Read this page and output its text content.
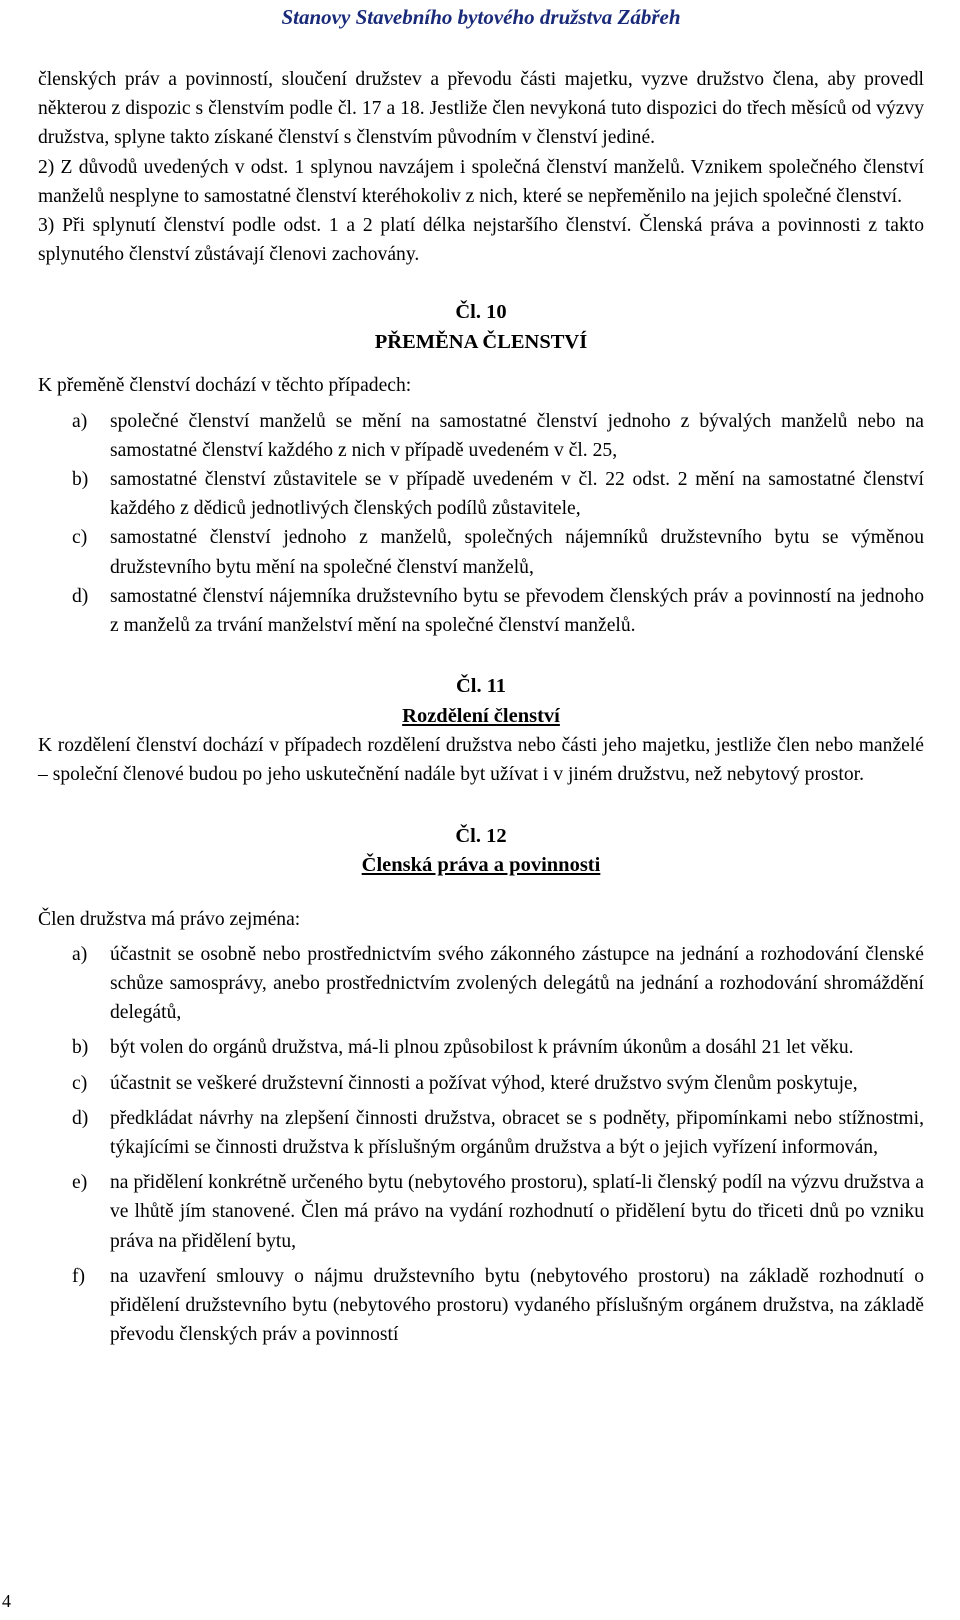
Stanovy Stavebního bytového družstva Zábřeh

členských práv a povinností, sloučení družstev a převodu části majetku, vyzve družstvo člena, aby provedl některou z dispozic s členstvím podle čl. 17 a 18. Jestliže člen nevykoná tuto dispozici do třech měsíců od výzvy družstva, splyne takto získané členství s členstvím původním v členství jediné.

2) Z důvodů uvedených v odst. 1 splynou navzájem i společná členství manželů. Vznikem společného členství manželů nesplyne to samostatné členství kteréhokoliv z nich, které se nepřeměnilo na jejich společné členství.

3) Při splynutí členství podle odst. 1 a 2 platí délka nejstaršího členství. Členská práva a povinnosti z takto splynutého členství zůstávají členovi zachovány.

Čl. 10
PŘEMĚNA ČLENSTVÍ

K přeměně členství dochází v těchto případech:

a) společné členství manželů se mění na samostatné členství jednoho z bývalých manželů nebo na samostatné členství každého z nich v případě uvedeném v čl. 25,
b) samostatné členství zůstavitele se v případě uvedeném v čl. 22 odst. 2 mění na samostatné členství každého z dědiců jednotlivých členských podílů zůstavitele,
c) samostatné členství jednoho z manželů, společných nájemníků družstevního bytu se výměnou družstevního bytu mění na společné členství manželů,
d) samostatné členství nájemníka družstevního bytu se převodem členských práv a povinností na jednoho z manželů za trvání manželství mění na společné členství manželů.
Čl. 11
Rozdělení členství

K rozdělení členství dochází v případech rozdělení družstva nebo části jeho majetku, jestliže člen nebo manželé – společní členové budou po jeho uskutečnění nadále byt užívat i v jiném družstvu, než nebytový prostor.

Čl. 12
Členská práva a povinnosti

Člen družstva má právo zejména:

a) účastnit se osobně nebo prostřednictvím svého zákonného zástupce na jednání a rozhodování členské schůze samosprávy, anebo prostřednictvím zvolených delegátů na jednání a rozhodování shromáždění delegátů,
b) být volen do orgánů družstva, má-li plnou způsobilost k právním úkonům a dosáhl 21 let věku.
c) účastnit se veškeré družstevní činnosti a požívat výhod, které družstvo svým členům poskytuje,
d) předkládat návrhy na zlepšení činnosti družstva, obracet se s podněty, připomínkami nebo stížnostmi, týkajícími se činnosti družstva k příslušným orgánům družstva a být o jejich vyřízení informován,
e) na přidělení konkrétně určeného bytu (nebytového prostoru), splatí-li členský podíl na výzvu družstva a ve lhůtě jím stanovené. Člen má právo na vydání rozhodnutí o přidělení bytu do třiceti dnů po vzniku práva na přidělení bytu,
f) na uzavření smlouvy o nájmu družstevního bytu (nebytového prostoru) na základě rozhodnutí o přidělení družstevního bytu (nebytového prostoru) vydaného příslušným orgánem družstva, na základě převodu členských práv a povinností
4
